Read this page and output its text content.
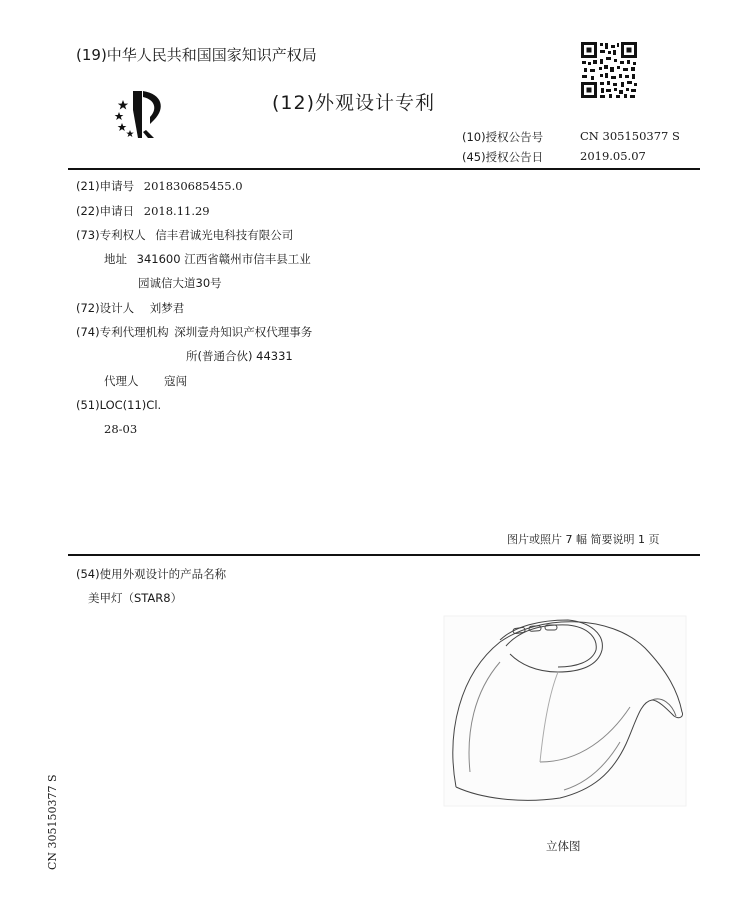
(19)中华人民共和国国家知识产权局
(12)外观设计专利
(10)授权公告号	CN 305150377 S
(45)授权公告日	2019.05.07
(21)申请号 201830685455.0
(22)申请日 2018.11.29
(73)专利权人 信丰君诚光电科技有限公司
地址 341600 江西省赣州市信丰县工业
园诚信大道30号
(72)设计人 刘梦君
(74)专利代理机构 深圳壹舟知识产权代理事务
所(普通合伙) 44331
代理人 寇闯
(51)LOC(11)Cl.
28-03
图片或照片 7 幅 简要说明 1 页
(54)使用外观设计的产品名称
美甲灯（STAR8）
立体图
CN 305150377 S
